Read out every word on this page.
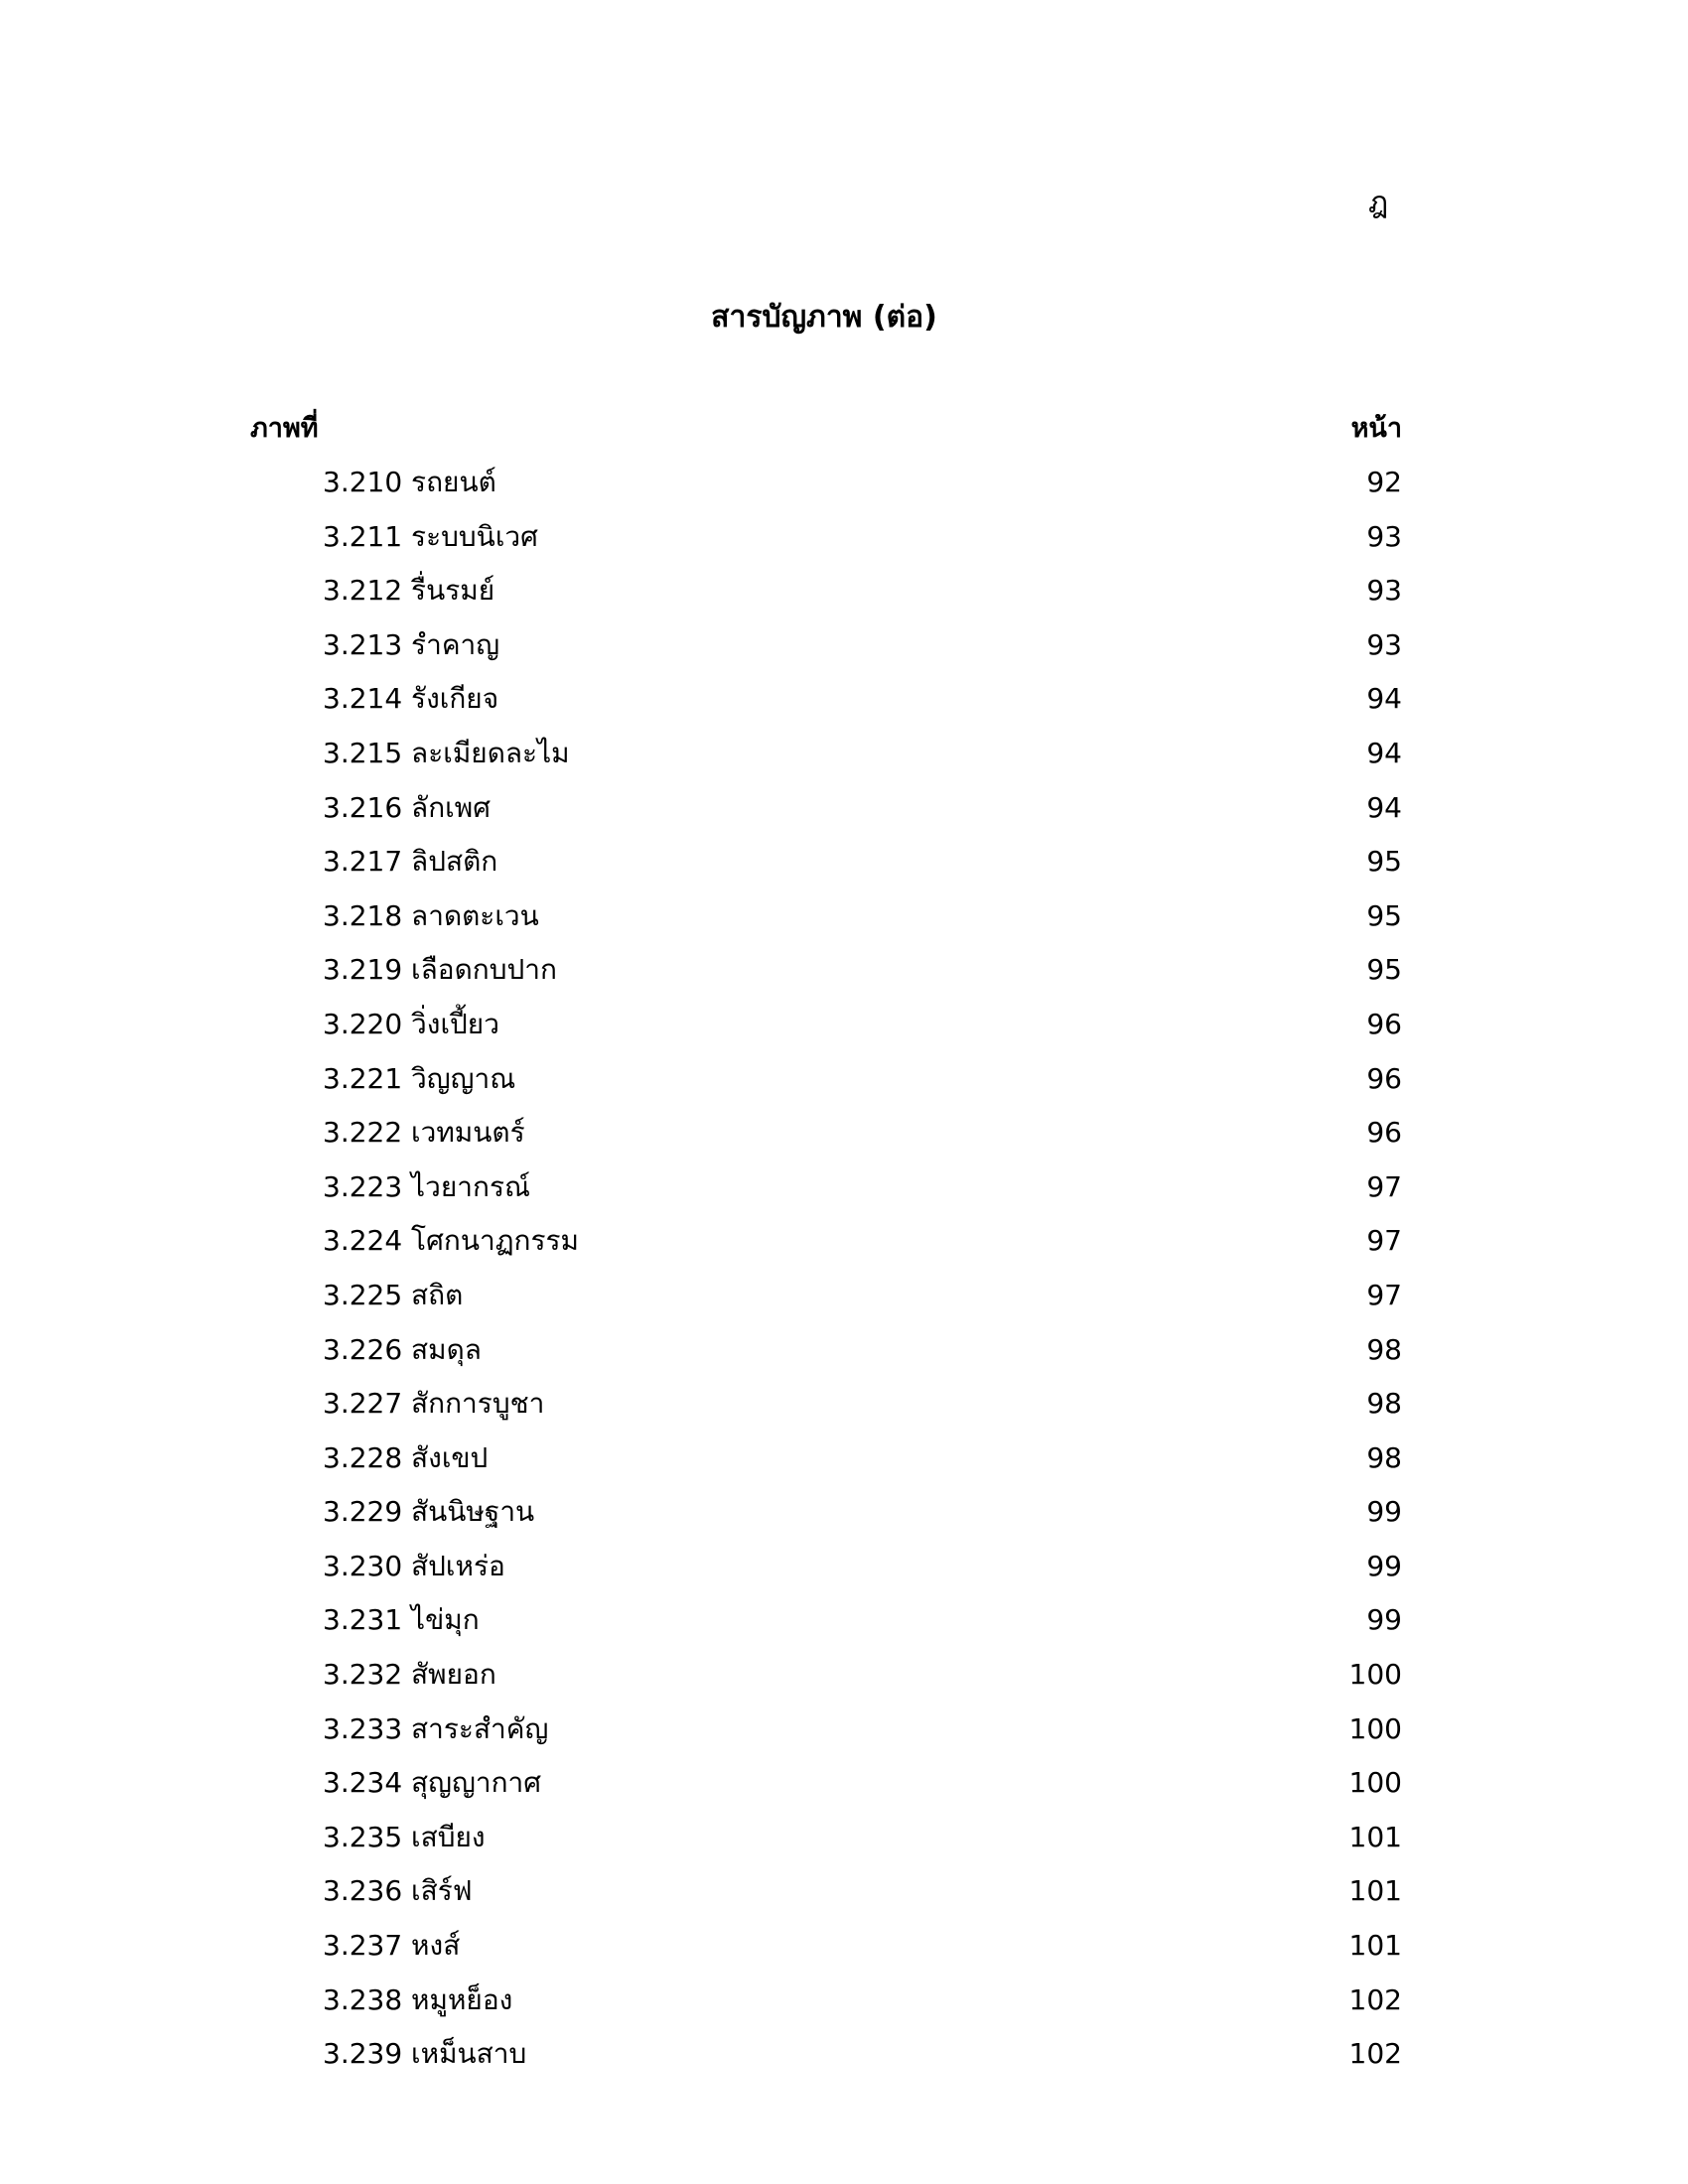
ฎ
สารบัญภาพ (ต่อ)
ภาพที่	หน้า
3.210 รถยนต์	92
3.211 ระบบนิเวศ	93
3.212 รื่นรมย์	93
3.213 รำคาญ	93
3.214 รังเกียจ	94
3.215 ละเมียดละไม	94
3.216 ลักเพศ	94
3.217 ลิปสติก	95
3.218 ลาดตะเวน	95
3.219 เลือดกบปาก	95
3.220 วิ่งเปี้ยว	96
3.221 วิญญาณ	96
3.222 เวทมนตร์	96
3.223 ไวยากรณ์	97
3.224 โศกนาฏกรรม	97
3.225 สถิต	97
3.226 สมดุล	98
3.227 สักการบูชา	98
3.228 สังเขป	98
3.229 สันนิษฐาน	99
3.230 สัปเหร่อ	99
3.231 ไข่มุก	99
3.232 สัพยอก	100
3.233 สาระสำคัญ	100
3.234 สุญญากาศ	100
3.235 เสบียง	101
3.236 เสิร์ฟ	101
3.237 หงส์	101
3.238 หมูหย็อง	102
3.239 เหม็นสาบ	102
